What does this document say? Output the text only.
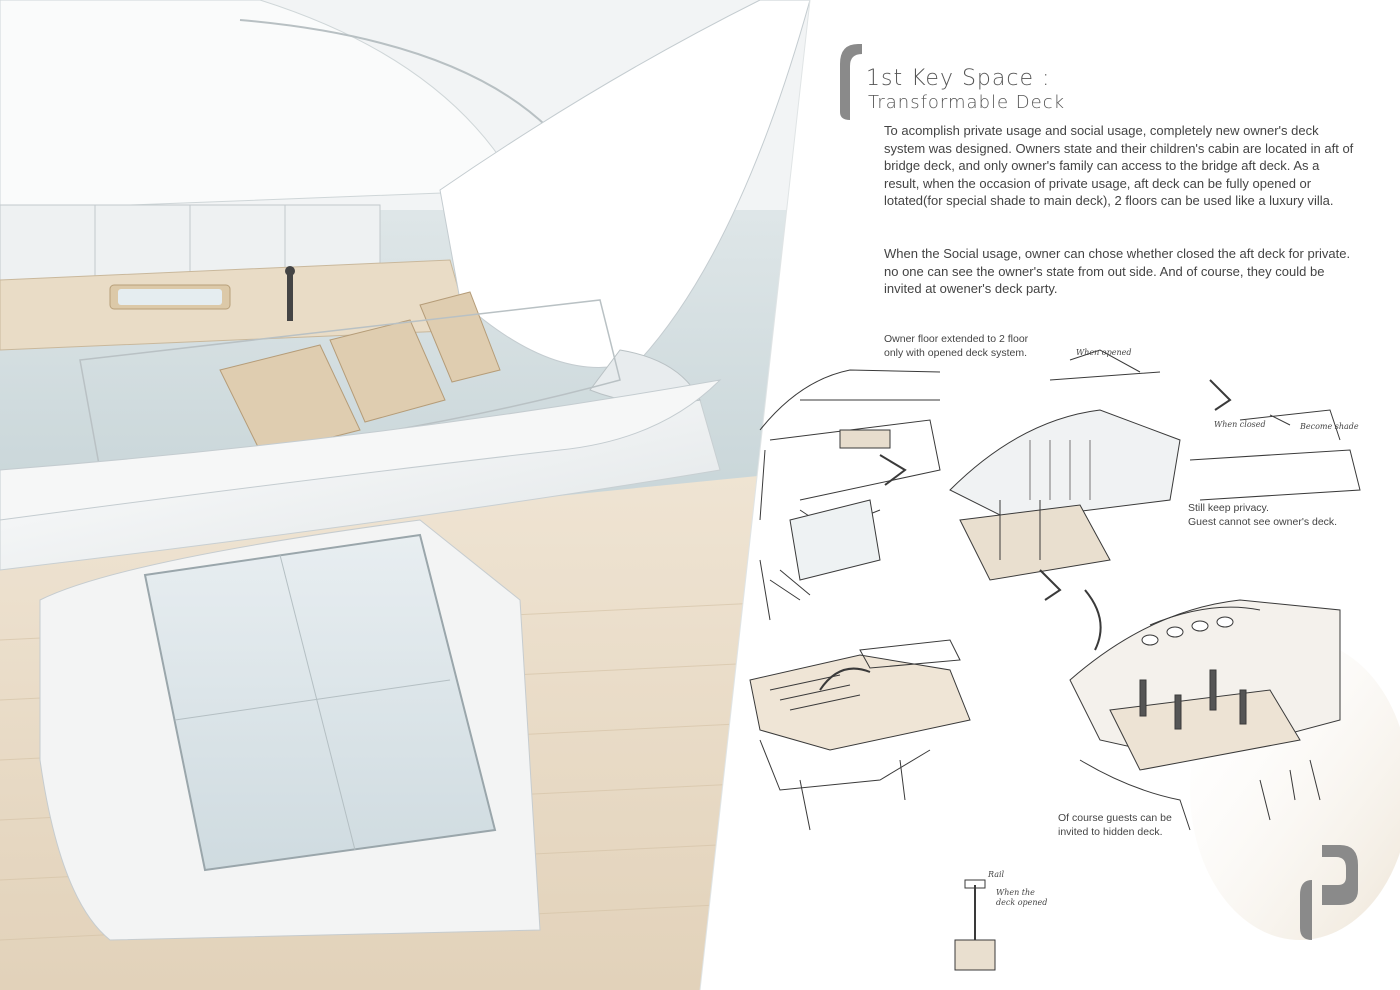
1st Key Space :
Transformable Deck
To acomplish private usage and social usage, completely new owner's deck system was designed. Owners state and their children's cabin are located in aft of bridge deck, and only owner's family can access to the bridge aft deck. As a result, when the occasion of private usage, aft deck can be fully opened or lotated(for special shade to main deck), 2 floors can be used like a luxury villa.
When the Social usage, owner can chose whether closed the aft deck for private. no one can see the owner's state from out side. And of course, they could be invited at owener's deck party.
Owner floor extended to 2 floor
only with opened deck system.
Still keep privacy.
Guest cannot see owner's deck.
Of course guests can be
invited to hidden deck.
When opened
When closed	Become shade
Rail
When the deck opened
